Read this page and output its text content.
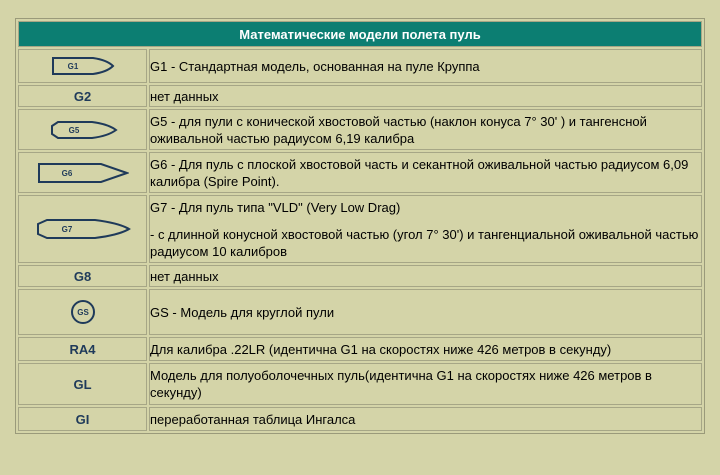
Математические модели полета пуль	

G1	G1 - Стандартная модель, основанная на пуле Круппа

G2	нет данных

G5	G5 - для пули с конической хвостовой частью (наклон конуса 7° 30' ) и тангенсной оживальной частью радиусом 6,19 калибра

G6	G6 - Для пуль с плоской хвостовой часть и секантной оживальной частью радиусом 6,09 калибра (Spire Point).

G7	G7 - Для пуль типа "VLD" (Very Low Drag)
- с длинной конусной хвостовой частью (угол 7° 30') и тангенциальной оживальной частью радиусом 10 калибров

G8	нет данных

GS	GS - Модель для круглой пули

RA4	Для калибра .22LR (идентична G1 на скоростях ниже 426 метров в секунду)

GL	Модель для полуоболочечных пуль(идентична G1 на скоростях ниже 426 метров в секунду)

GI	переработанная таблица Ингалса
